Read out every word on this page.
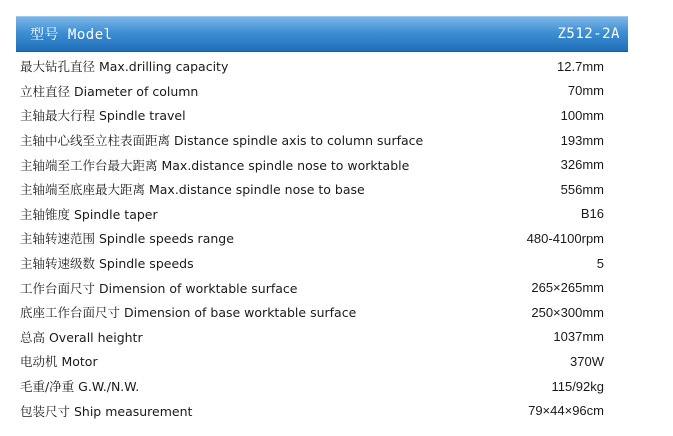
型号 Model	Z512-2A
最大钻孔直径 Max.drilling capacity	12.7mm
立柱直径 Diameter of column	70mm
主轴最大行程 Spindle travel	100mm
主轴中心线至立柱表面距离 Distance spindle axis to column surface	193mm
主轴端至工作台最大距离 Max.distance spindle nose to worktable	326mm
主轴端至底座最大距离 Max.distance spindle nose to base	556mm
主轴锥度 Spindle taper	B16
主轴转速范围 Spindle speeds range	480-4100rpm
主轴转速级数 Spindle speeds	5
工作台面尺寸 Dimension of worktable surface	265×265mm
底座工作台面尺寸 Dimension of base worktable surface	250×300mm
总高 Overall heightr	1037mm
电动机 Motor	370W
毛重/净重 G.W./N.W.	115/92kg
包装尺寸 Ship measurement	79×44×96cm
